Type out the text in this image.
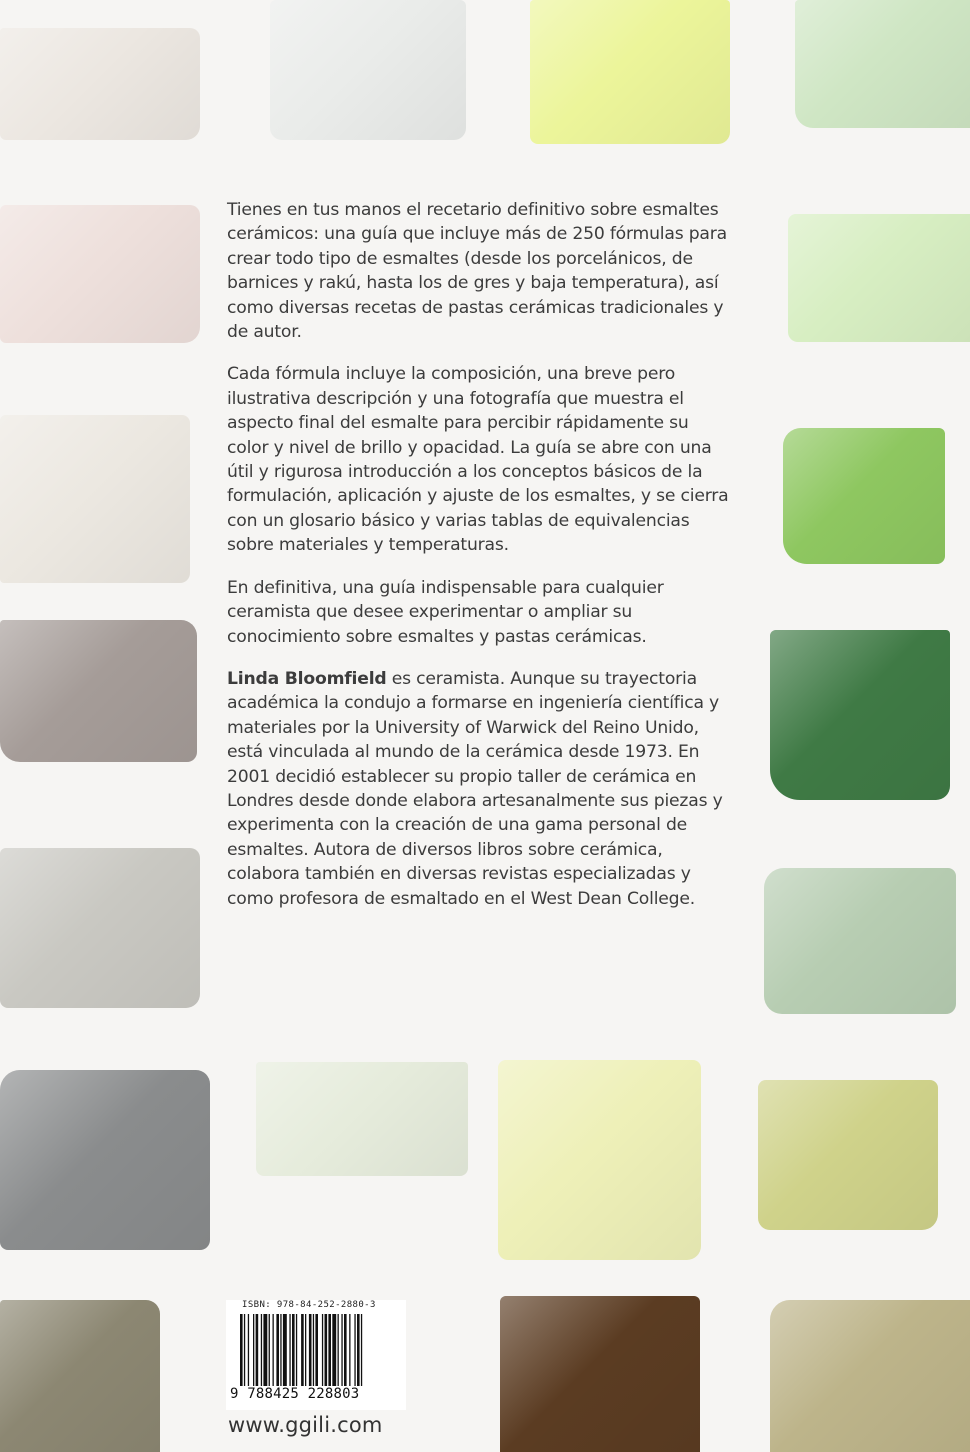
Tienes en tus manos el recetario definitivo sobre esmaltes cerámicos: una guía que incluye más de 250 fórmulas para crear todo tipo de esmaltes (desde los porcelánicos, de barnices y rakú, hasta los de gres y baja temperatura), así como diversas recetas de pastas cerámicas tradicionales y de autor.

Cada fórmula incluye la composición, una breve pero ilustrativa descripción y una fotografía que muestra el aspecto final del esmalte para percibir rápidamente su color y nivel de brillo y opacidad. La guía se abre con una útil y rigurosa introducción a los conceptos básicos de la formulación, aplicación y ajuste de los esmaltes, y se cierra con un glosario básico y varias tablas de equivalencias sobre materiales y temperaturas.

En definitiva, una guía indispensable para cualquier ceramista que desee experimentar o ampliar su conocimiento sobre esmaltes y pastas cerámicas.

Linda Bloomfield es ceramista. Aunque su trayectoria académica la condujo a formarse en ingeniería científica y materiales por la University of Warwick del Reino Unido, está vinculada al mundo de la cerámica desde 1973. En 2001 decidió establecer su propio taller de cerámica en Londres desde donde elabora artesanalmente sus piezas y experimenta con la creación de una gama personal de esmaltes. Autora de diversos libros sobre cerámica, colabora también en diversas revistas especializadas y como profesora de esmaltado en el West Dean College.

ISBN: 978-84-252-2880-3
9 788425 228803
www.ggili.com
